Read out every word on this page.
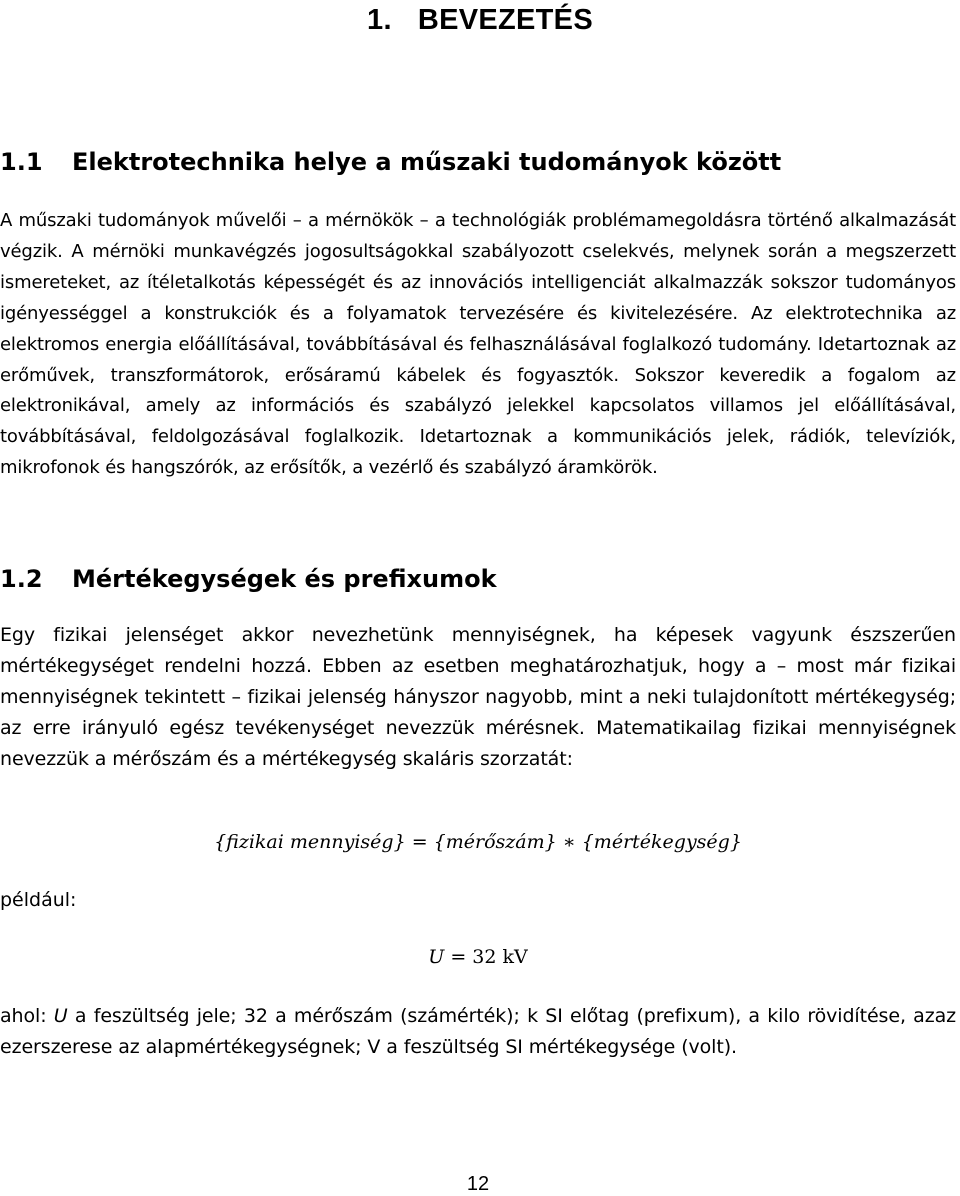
1. BEVEZETÉS
1.1 Elektrotechnika helye a műszaki tudományok között
A műszaki tudományok művelői – a mérnökök – a technológiák problémamegoldásra történő alkalmazását végzik. A mérnöki munkavégzés jogosultságokkal szabályozott cselekvés, melynek során a megszerzett ismereteket, az ítéletalkotás képességét és az innovációs intelligenciát alkalmazzák sokszor tudományos igényességgel a konstrukciók és a folyamatok tervezésére és kivitelezésére. Az elektrotechnika az elektromos energia előállításával, továbbításával és felhasználásával foglalkozó tudomány. Idetartoznak az erőművek, transzformátorok, erősáramú kábelek és fogyasztók. Sokszor keveredik a fogalom az elektronikával, amely az információs és szabályzó jelekkel kapcsolatos villamos jel előállításával, továbbításával, feldolgozásával foglalkozik. Idetartoznak a kommunikációs jelek, rádiók, televíziók, mikrofonok és hangszórók, az erősítők, a vezérlő és szabályzó áramkörök.
1.2 Mértékegységek és prefixumok
Egy fizikai jelenséget akkor nevezhetünk mennyiségnek, ha képesek vagyunk észszerűen mértékegységet rendelni hozzá. Ebben az esetben meghatározhatjuk, hogy a – most már fizikai mennyiségnek tekintett – fizikai jelenség hányszor nagyobb, mint a neki tulajdonított mértékegység; az erre irányuló egész tevékenységet nevezzük mérésnek. Matematikailag fizikai mennyiségnek nevezzük a mérőszám és a mértékegység skaláris szorzatát:
{fizikai mennyiség} = {mérőszám} ∗ {mértékegység}
például:
U = 32 kV
ahol: U a feszültség jele; 32 a mérőszám (számérték); k SI előtag (prefixum), a kilo rövidítése, azaz ezerszerese az alapmértékegységnek; V a feszültség SI mértékegysége (volt).
12
